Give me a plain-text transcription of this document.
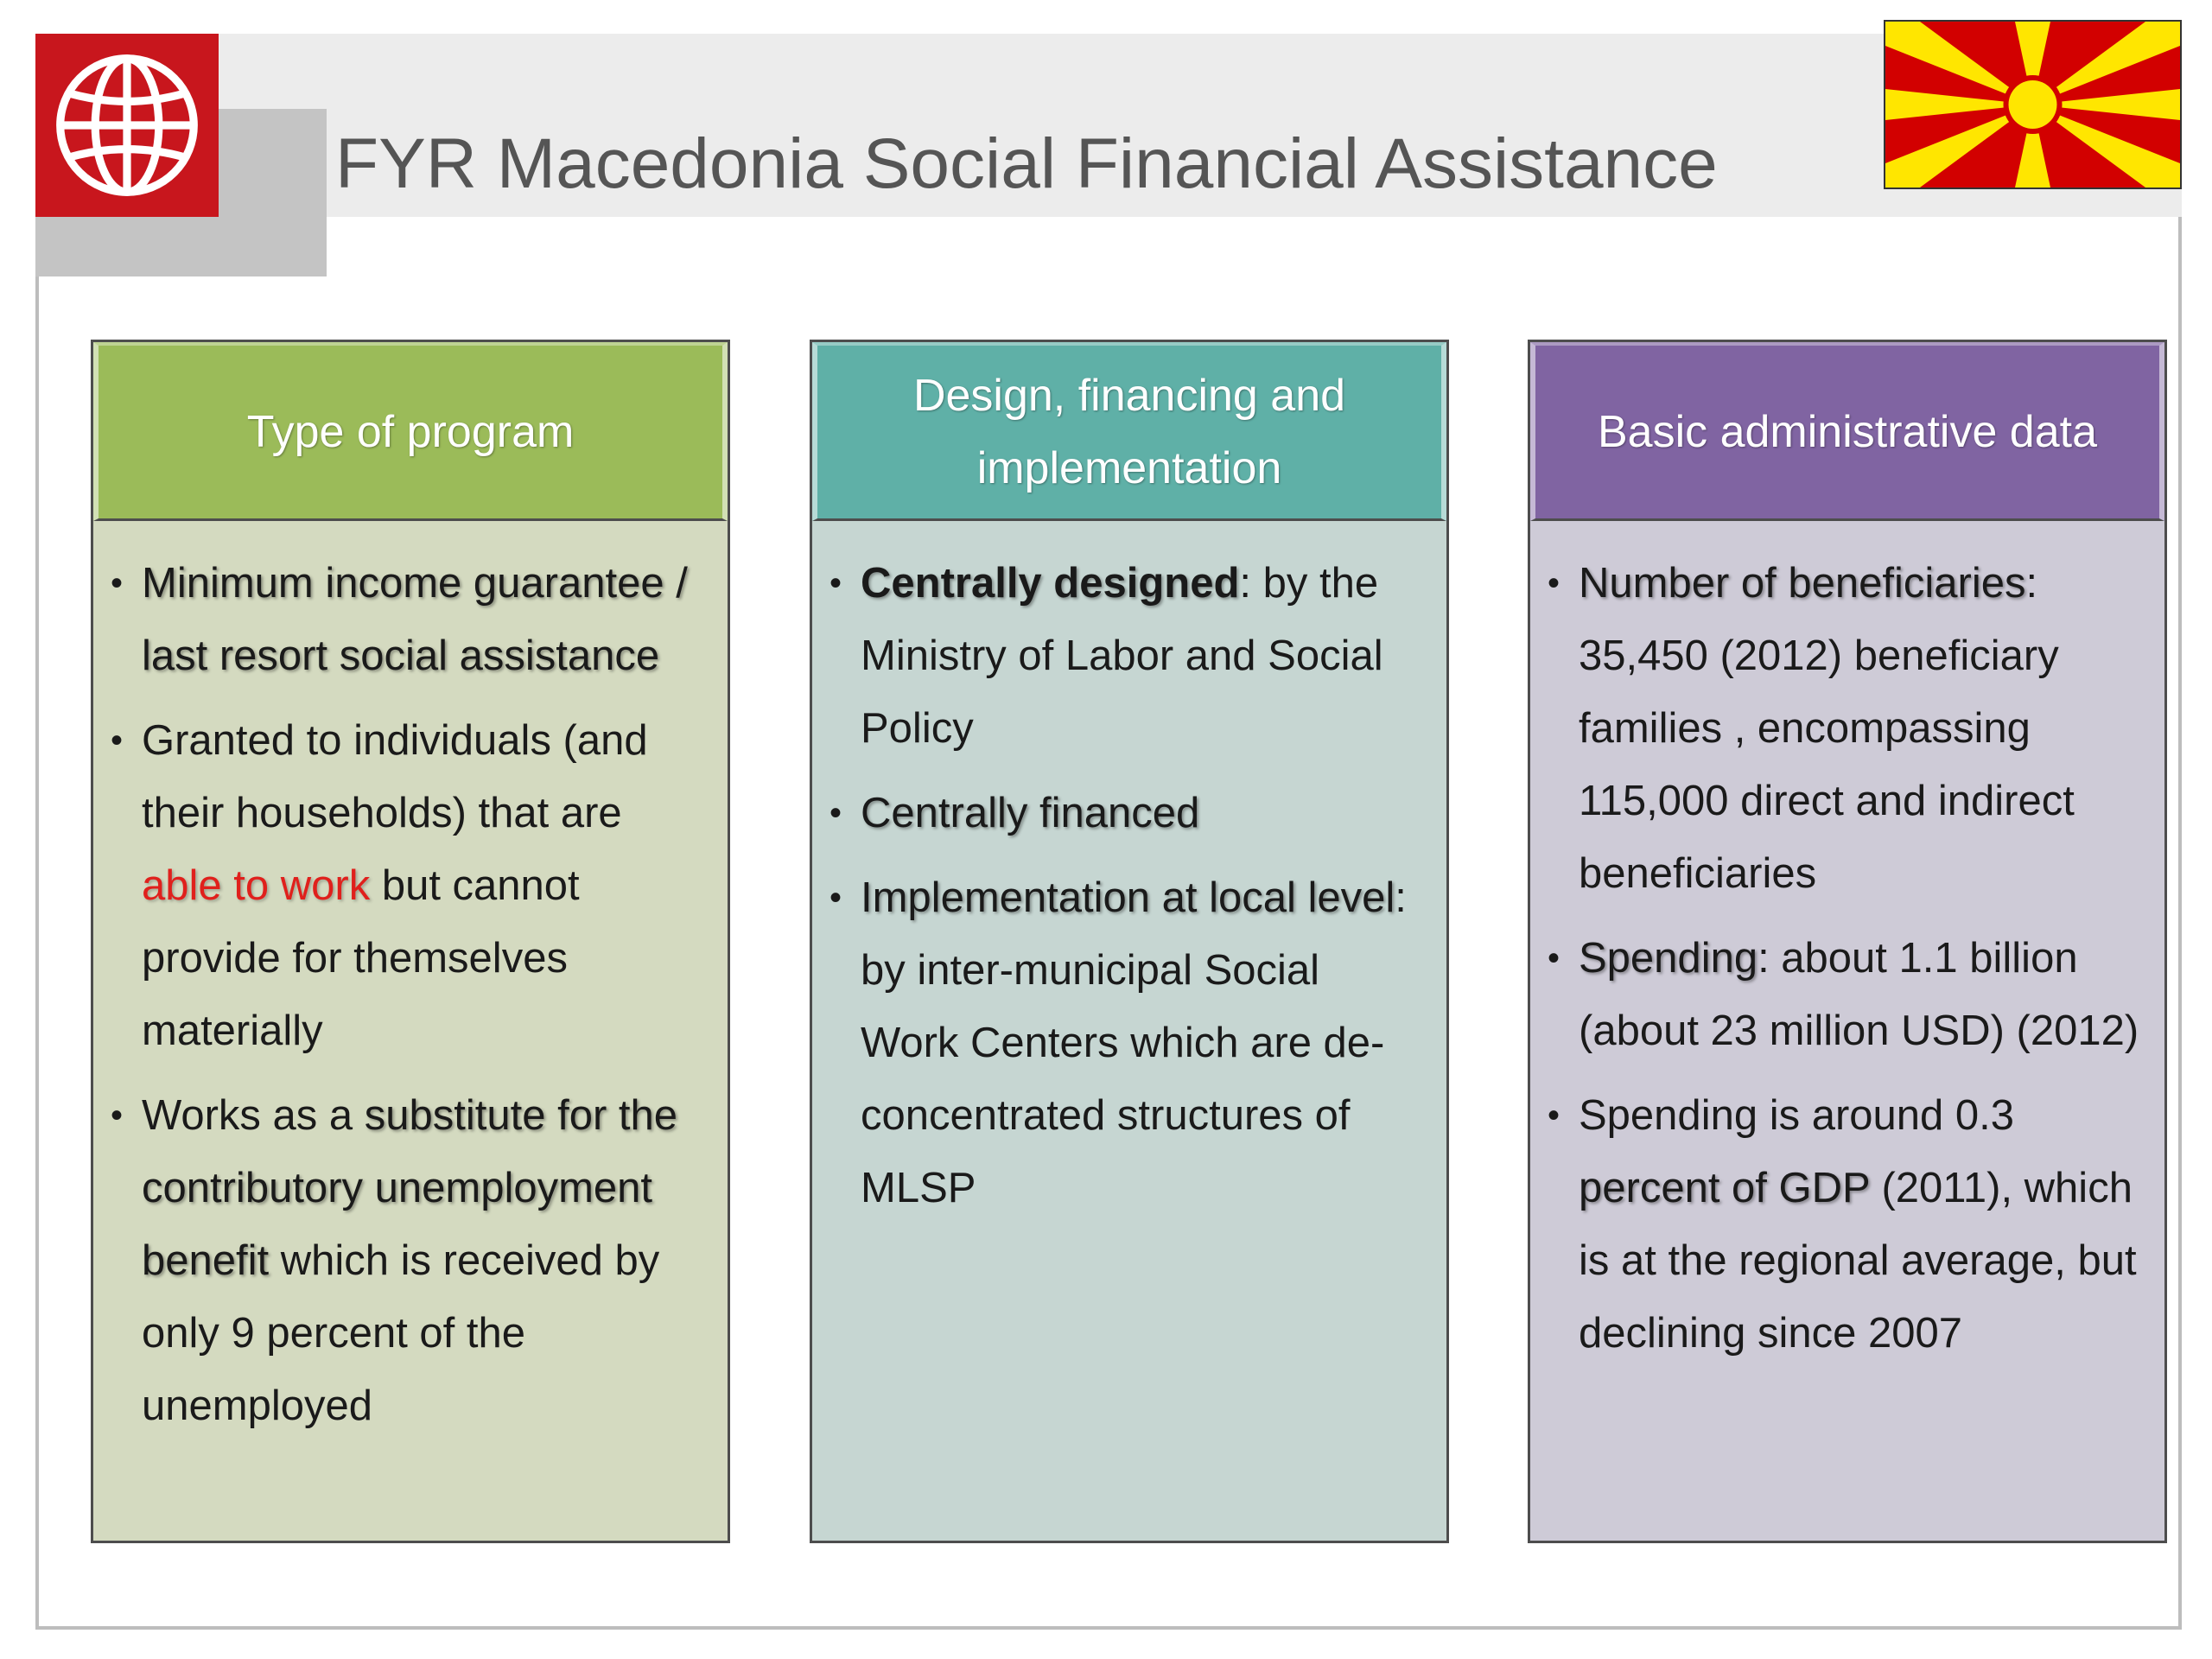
FYR Macedonia Social Financial Assistance
Type of program
• Minimum income guarantee / last resort social assistance
• Granted to individuals (and their households) that are able to work but cannot provide for themselves materially
• Works as a substitute for the contributory unemployment benefit which is received by only 9 percent of the unemployed
Design, financing and implementation
• Centrally designed: by the Ministry of Labor and Social Policy
• Centrally financed
• Implementation at local level: by inter-municipal Social Work Centers which are de-concentrated structures of MLSP
Basic administrative data
• Number of beneficiaries: 35,450 (2012) beneficiary families , encompassing 115,000 direct and indirect beneficiaries
• Spending: about 1.1 billion (about 23 million USD) (2012)
• Spending is around 0.3 percent of GDP (2011), which is at the regional average, but declining since 2007
